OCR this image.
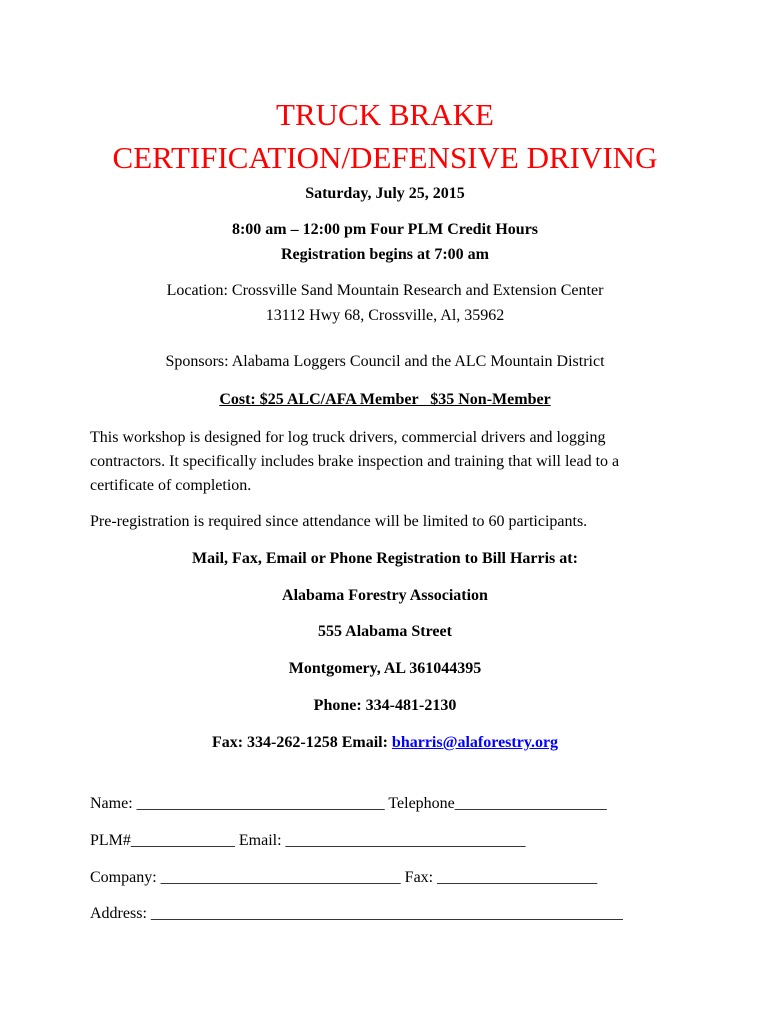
TRUCK BRAKE
CERTIFICATION/DEFENSIVE DRIVING
Saturday, July 25, 2015
8:00 am – 12:00 pm Four PLM Credit Hours
Registration begins at 7:00 am
Location: Crossville Sand Mountain Research and Extension Center
13112 Hwy 68, Crossville, Al, 35962
Sponsors: Alabama Loggers Council and the ALC Mountain District
Cost: $25 ALC/AFA Member   $35 Non-Member
This workshop is designed for log truck drivers, commercial drivers and logging
contractors. It specifically includes brake inspection and training that will lead to a
certificate of completion.
Pre-registration is required since attendance will be limited to 60 participants.
Mail, Fax, Email or Phone Registration to Bill Harris at:
Alabama Forestry Association
555 Alabama Street
Montgomery, AL 361044395
Phone: 334-481-2130
Fax: 334-262-1258 Email: bharris@alaforestry.org
Name: _______________________________ Telephone___________________
PLM#_____________ Email: ______________________________
Company: ______________________________ Fax: ____________________
Address: ___________________________________________________________
